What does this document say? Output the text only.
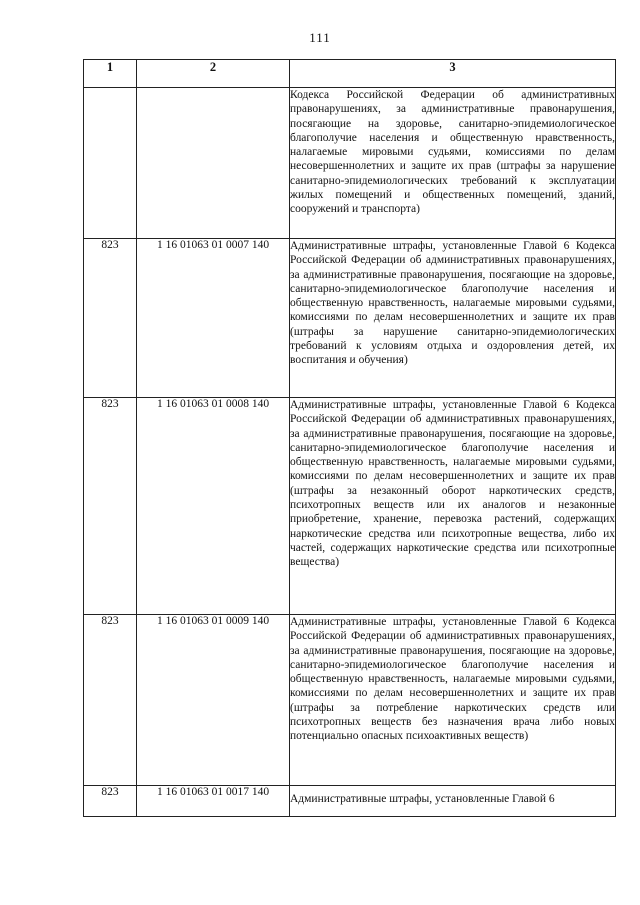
111
1	2	3
		Кодекса Российской Федерации об административных правонарушениях, за административные правонарушения, посягающие на здоровье, санитарно-эпидемиологическое благополучие населения и общественную нравственность, налагаемые мировыми судьями, комиссиями по делам несовершеннолетних и защите их прав (штрафы за нарушение санитарно-эпидемиологических требований к эксплуатации жилых помещений и общественных помещений, зданий, сооружений и транспорта)
823	1 16 01063 01 0007 140	Административные штрафы, установленные Главой 6 Кодекса Российской Федерации об административных правонарушениях, за административные правонарушения, посягающие на здоровье, санитарно-эпидемиологическое благополучие населения и общественную нравственность, налагаемые мировыми судьями, комиссиями по делам несовершеннолетних и защите их прав (штрафы за нарушение санитарно-эпидемиологических требований к условиям отдыха и оздоровления детей, их воспитания и обучения)
823	1 16 01063 01 0008 140	Административные штрафы, установленные Главой 6 Кодекса Российской Федерации об административных правонарушениях, за административные правонарушения, посягающие на здоровье, санитарно-эпидемиологическое благополучие населения и общественную нравственность, налагаемые мировыми судьями, комиссиями по делам несовершеннолетних и защите их прав (штрафы за незаконный оборот наркотических средств, психотропных веществ или их аналогов и незаконные приобретение, хранение, перевозка растений, содержащих наркотические средства или психотропные вещества, либо их частей, содержащих наркотические средства или психотропные вещества)
823	1 16 01063 01 0009 140	Административные штрафы, установленные Главой 6 Кодекса Российской Федерации об административных правонарушениях, за административные правонарушения, посягающие на здоровье, санитарно-эпидемиологическое благополучие населения и общественную нравственность, налагаемые мировыми судьями, комиссиями по делам несовершеннолетних и защите их прав (штрафы за потребление наркотических средств или психотропных веществ без назначения врача либо новых потенциально опасных психоактивных веществ)
823	1 16 01063 01 0017 140	Административные штрафы, установленные Главой 6
